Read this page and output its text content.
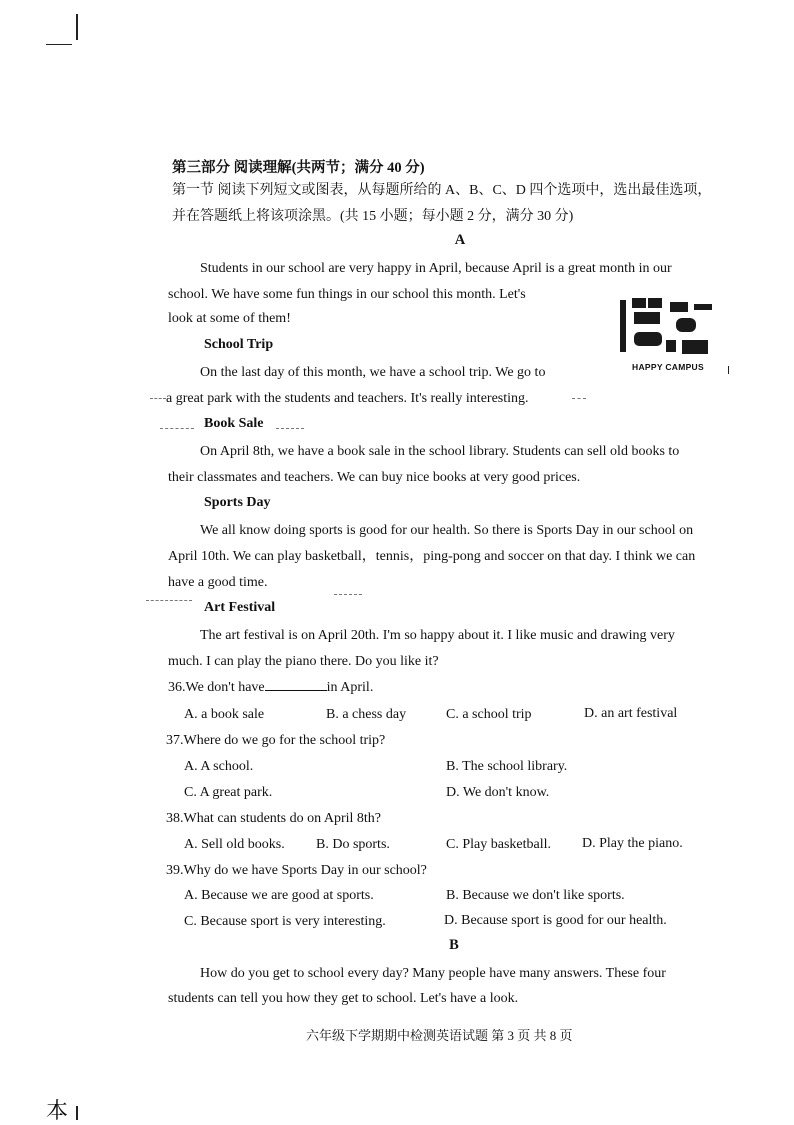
第三部分 阅读理解(共两节；满分 40 分)
第一节 阅读下列短文或图表，从每题所给的 A、B、C、D 四个选项中，选出最佳选项，
并在答题纸上将该项涂黑。(共 15 小题；每小题 2 分，满分 30 分)
A
Students in our school are very happy in April, because April is a great month in our
school. We have some fun things in our school this month. Let's
look at some of them!
HAPPY CAMPUS
School Trip
On the last day of this month, we have a school trip. We go to
a great park with the students and teachers. It's really interesting.
Book Sale
On April 8th, we have a book sale in the school library. Students can sell old books to
their classmates and teachers. We can buy nice books at very good prices.
Sports Day
We all know doing sports is good for our health. So there is Sports Day in our school on
April 10th. We can play basketball，tennis，ping-pong and soccer on that day. I think we can
have a good time.
Art Festival
The art festival is on April 20th. I'm so happy about it. I like music and drawing very
much. I can play the piano there. Do you like it?
36.We don't have	in April.
A. a book sale	B. a chess day	C. a school trip	D. an art festival
37.Where do we go for the school trip?
A. A school.	B. The school library.
C. A great park.	D. We don't know.
38.What can students do on April 8th?
A. Sell old books. B. Do sports.	C. Play basketball. D. Play the piano.
39.Why do we have Sports Day in our school?
A. Because we are good at sports.	B. Because we don't like sports.
C. Because sport is very interesting.	D. Because sport is good for our health.
B
How do you get to school every day? Many people have many answers. These four
students can tell you how they get to school. Let's have a look.
六年级下学期期中检测英语试题 第 3 页 共 8 页
本
